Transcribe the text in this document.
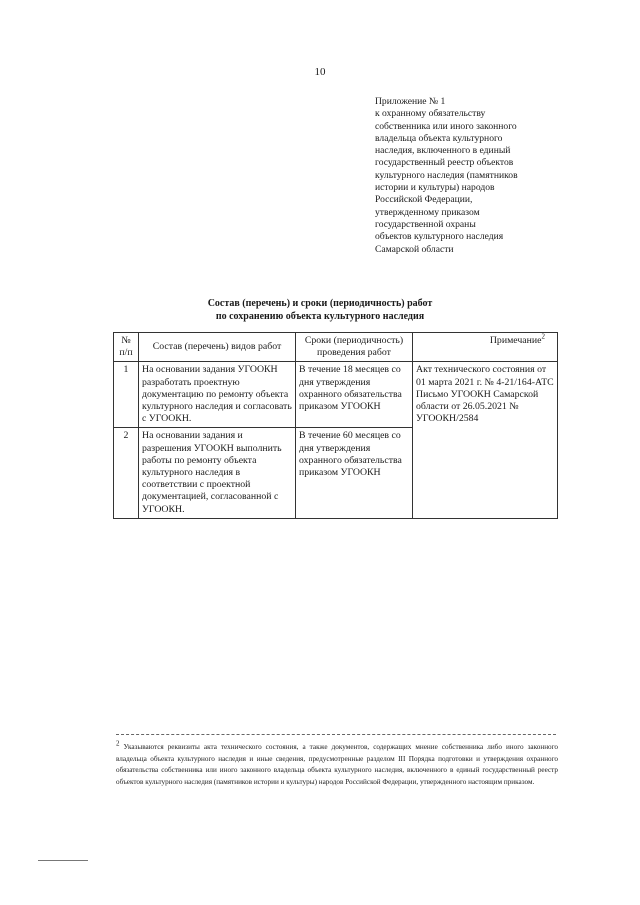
10
Приложение № 1
к охранному обязательству
собственника или иного законного
владельца объекта культурного
наследия, включенного в единый
государственный реестр объектов
культурного наследия (памятников
истории и культуры) народов
Российской Федерации,
утвержденному приказом
государственной охраны
объектов культурного наследия
Самарской области
Состав (перечень) и сроки (периодичность) работ
по сохранению объекта культурного наследия
№ п/п	Состав (перечень) видов работ	Сроки (периодичность) проведения работ	Примечание$^2$
1	На основании задания УГООКН разработать проектную документацию по ремонту объекта культурного наследия и согласовать с УГООКН.	В течение 18 месяцев со дня утверждения охранного обязательства приказом УГООКН	Акт технического состояния от 01 марта 2021 г. № 4-21/164-АТС Письмо УГООКН Самарской области от 26.05.2021 № УГООКН/2584
2	На основании задания и разрешения УГООКН выполнить работы по ремонту объекта культурного наследия в соответствии с проектной документацией, согласованной с УГООКН.	В течение 60 месяцев со дня утверждения охранного обязательства приказом УГООКН	
$^2$ Указываются реквизиты акта технического состояния, а также документов, содержащих мнение собственника либо иного законного владельца объекта культурного наследия и иные сведения, предусмотренные разделом III Порядка подготовки и утверждения охранного обязательства собственника или иного законного владельца объекта культурного наследия, включенного в единый государственный реестр объектов культурного наследия (памятников истории и культуры) народов Российской Федерации, утвержденного настоящим приказом.
